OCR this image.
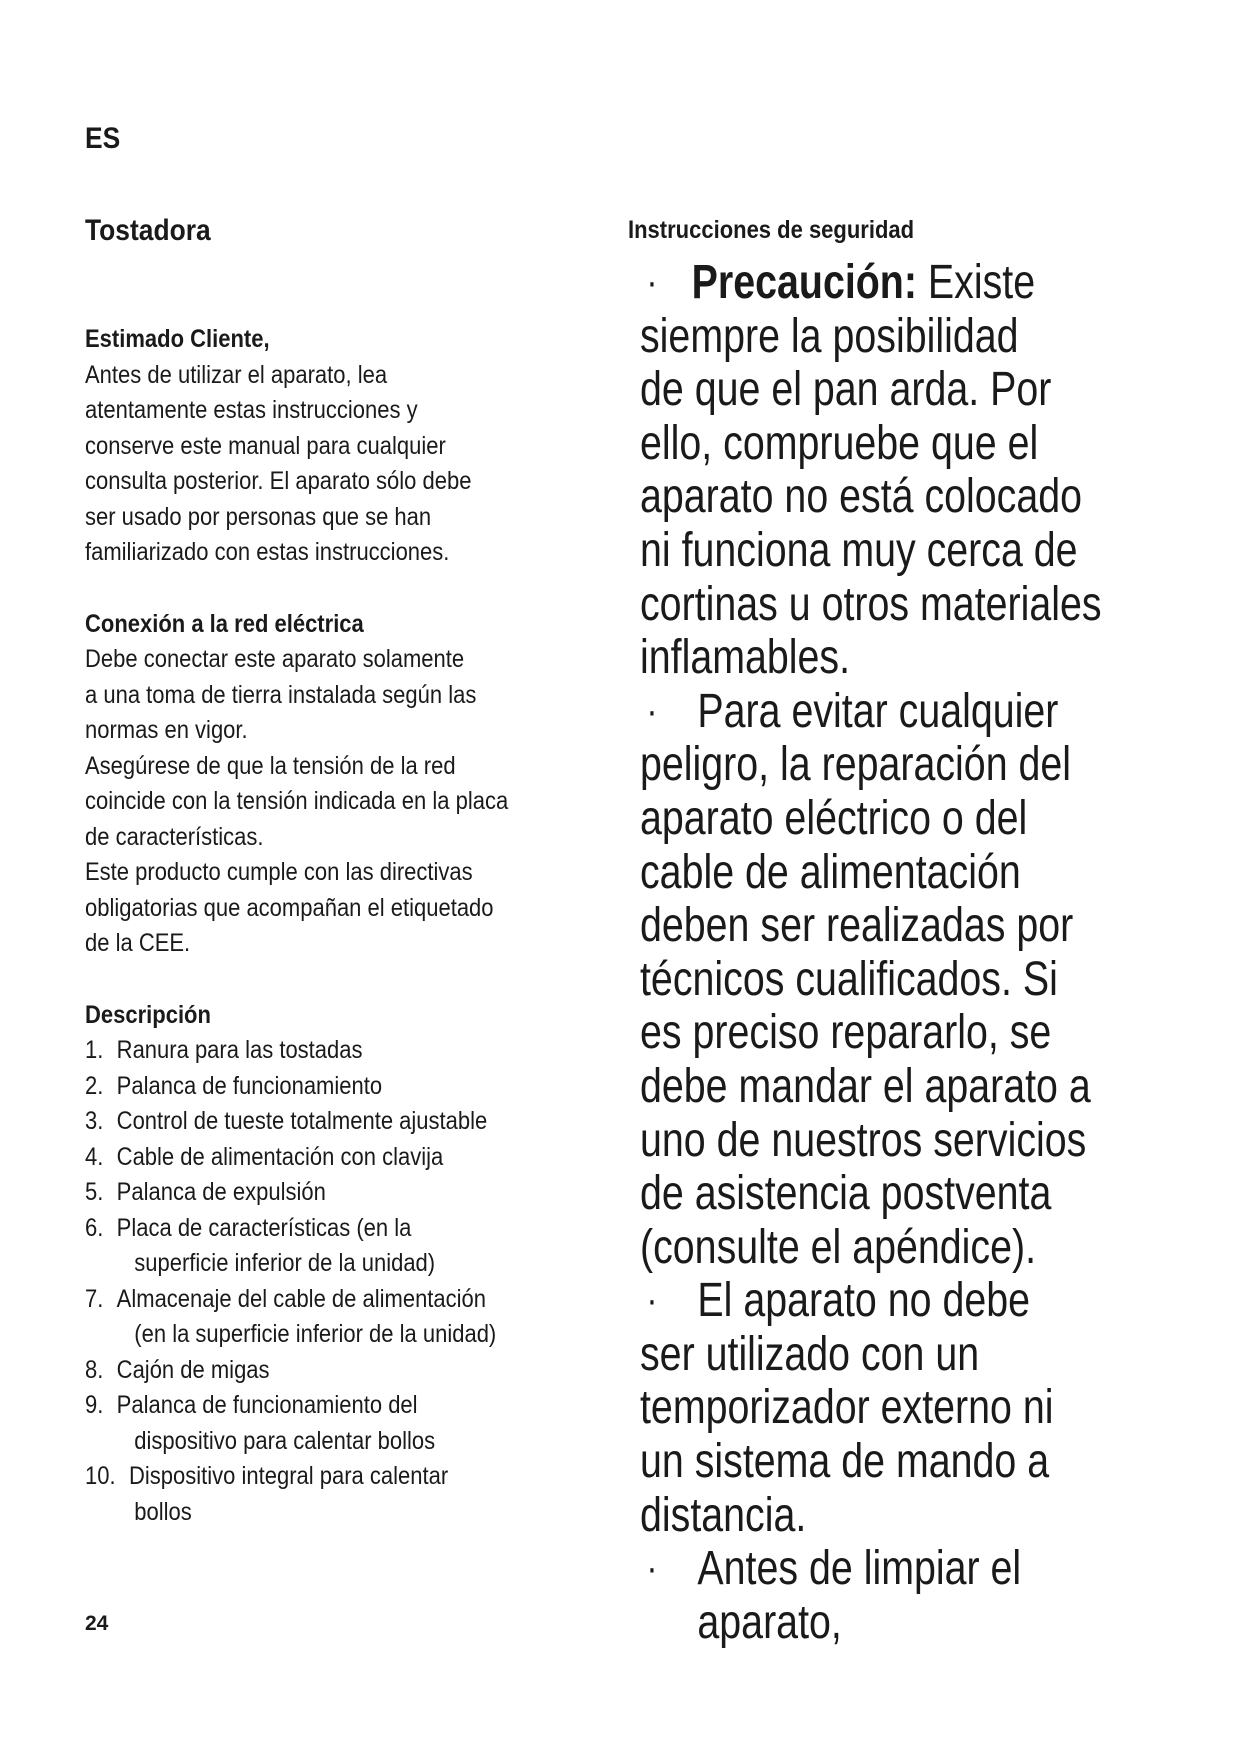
ES
Tostadora
Estimado Cliente,
Antes de utilizar el aparato, lea
atentamente estas instrucciones y
conserve este manual para cualquier
consulta posterior. El aparato sólo debe
ser usado por personas que se han
familiarizado con estas instrucciones.
Conexión a la red eléctrica
Debe conectar este aparato solamente
a una toma de tierra instalada según las
normas en vigor.
Asegúrese de que la tensión de la red
coincide con la tensión indicada en la placa
de características.
Este producto cumple con las directivas
obligatorias que acompañan el etiquetado
de la CEE.
Descripción
1. Ranura para las tostadas
2. Palanca de funcionamiento
3. Control de tueste totalmente ajustable
4. Cable de alimentación con clavija
5. Palanca de expulsión
6. Placa de características (en la
superficie inferior de la unidad)
7. Almacenaje del cable de alimentación
(en la superficie inferior de la unidad)
8. Cajón de migas
9. Palanca de funcionamiento del
dispositivo para calentar bollos
10. Dispositivo integral para calentar
bollos
Instrucciones de seguridad
· Precaución: Existe
siempre la posibilidad
de que el pan arda. Por
ello, compruebe que el
aparato no está colocado
ni funciona muy cerca de
cortinas u otros materiales
inflamables.
· Para evitar cualquier
peligro, la reparación del
aparato eléctrico o del
cable de alimentación
deben ser realizadas por
técnicos cualificados. Si
es preciso repararlo, se
debe mandar el aparato a
uno de nuestros servicios
de asistencia postventa
(consulte el apéndice).
· El aparato no debe
ser utilizado con un
temporizador externo ni
un sistema de mando a
distancia.
· Antes de limpiar el aparato,
24
